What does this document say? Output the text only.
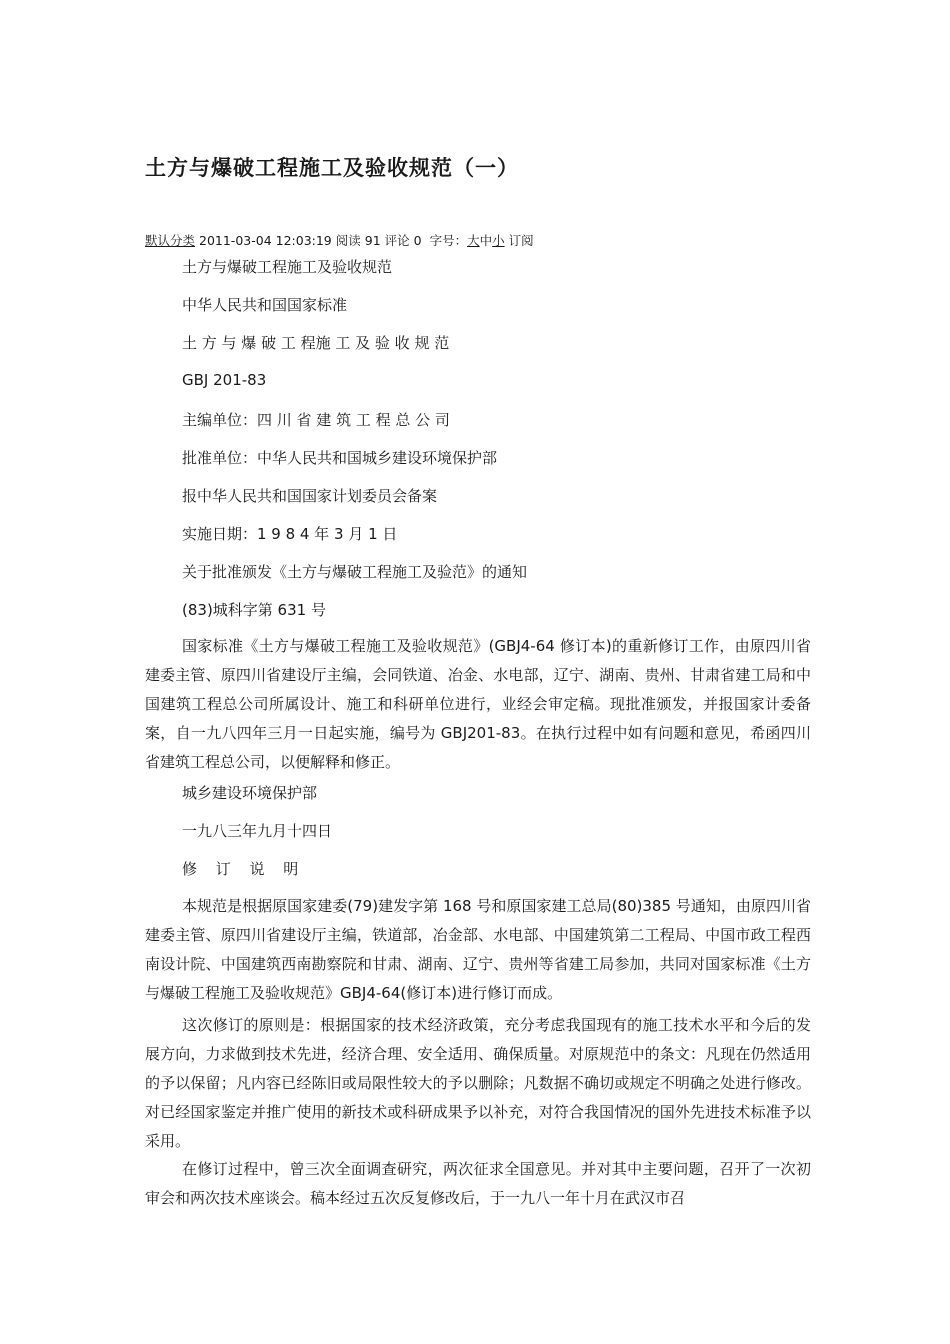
土方与爆破工程施工及验收规范（一）
默认分类 2011-03-04 12:03:19 阅读 91 评论 0 字号：大中小 订阅

土方与爆破工程施工及验收规范

中华人民共和国国家标准

土 方 与 爆 破 工 程施 工 及 验 收 规 范

GBJ 201-83

主编单位：四 川 省 建 筑 工 程 总 公 司

批准单位：中华人民共和国城乡建设环境保护部

报中华人民共和国国家计划委员会备案

实施日期：1 9 8 4 年 3 月 1 日

关于批准颁发《土方与爆破工程施工及验范》的通知

(83)城科字第 631 号

国家标准《土方与爆破工程施工及验收规范》(GBJ4-64 修订本)的重新修订工作，由原四川省建委主管、原四川省建设厅主编，会同铁道、冶金、水电部，辽宁、湖南、贵州、甘肃省建工局和中国建筑工程总公司所属设计、施工和科研单位进行，业经会审定稿。现批准颁发，并报国家计委备案，自一九八四年三月一日起实施，编号为 GBJ201-83。在执行过程中如有问题和意见，希函四川省建筑工程总公司，以便解释和修正。

城乡建设环境保护部

一九八三年九月十四日

修 订 说 明

本规范是根据原国家建委(79)建发字第 168 号和原国家建工总局(80)385 号通知，由原四川省建委主管、原四川省建设厅主编，铁道部，冶金部、水电部、中国建筑第二工程局、中国市政工程西南设计院、中国建筑西南勘察院和甘肃、湖南、辽宁、贵州等省建工局参加，共同对国家标准《土方与爆破工程施工及验收规范》GBJ4-64(修订本)进行修订而成。

这次修订的原则是：根据国家的技术经济政策，充分考虑我国现有的施工技术水平和今后的发展方向，力求做到技术先进，经济合理、安全适用、确保质量。对原规范中的条文：凡现在仍然适用的予以保留；凡内容已经陈旧或局限性较大的予以删除；凡数据不确切或规定不明确之处进行修改。对已经国家鉴定并推广使用的新技术或科研成果予以补充，对符合我国情况的国外先进技术标准予以采用。

在修订过程中，曾三次全面调查研究，两次征求全国意见。并对其中主要问题，召开了一次初审会和两次技术座谈会。稿本经过五次反复修改后，于一九八一年十月在武汉市召
